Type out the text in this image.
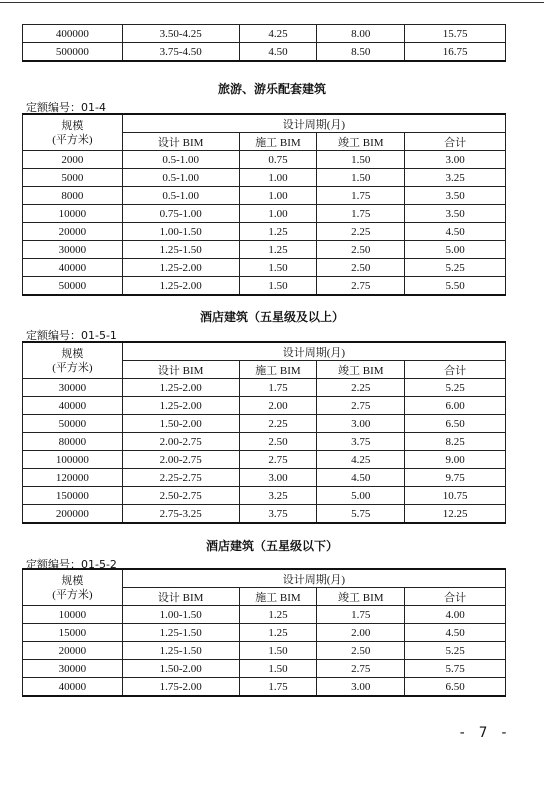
400000	3.50-4.25	4.25	8.00	15.75
500000	3.75-4.50	4.50	8.50	16.75
旅游、游乐配套建筑
定额编号：01-4
规模
(平方米)	设计周期(月)			
	设计 BIM	施工 BIM	竣工 BIM	合计
2000	0.5-1.00	0.75	1.50	3.00
5000	0.5-1.00	1.00	1.50	3.25
8000	0.5-1.00	1.00	1.75	3.50
10000	0.75-1.00	1.00	1.75	3.50
20000	1.00-1.50	1.25	2.25	4.50
30000	1.25-1.50	1.25	2.50	5.00
40000	1.25-2.00	1.50	2.50	5.25
50000	1.25-2.00	1.50	2.75	5.50
酒店建筑（五星级及以上）
定额编号：01-5-1
规模
(平方米)	设计周期(月)			
	设计 BIM	施工 BIM	竣工 BIM	合计
30000	1.25-2.00	1.75	2.25	5.25
40000	1.25-2.00	2.00	2.75	6.00
50000	1.50-2.00	2.25	3.00	6.50
80000	2.00-2.75	2.50	3.75	8.25
100000	2.00-2.75	2.75	4.25	9.00
120000	2.25-2.75	3.00	4.50	9.75
150000	2.50-2.75	3.25	5.00	10.75
200000	2.75-3.25	3.75	5.75	12.25
酒店建筑（五星级以下）
定额编号：01-5-2
规模
(平方米)	设计周期(月)			
	设计 BIM	施工 BIM	竣工 BIM	合计
10000	1.00-1.50	1.25	1.75	4.00
15000	1.25-1.50	1.25	2.00	4.50
20000	1.25-1.50	1.50	2.50	5.25
30000	1.50-2.00	1.50	2.75	5.75
40000	1.75-2.00	1.75	3.00	6.50
- 7 -
